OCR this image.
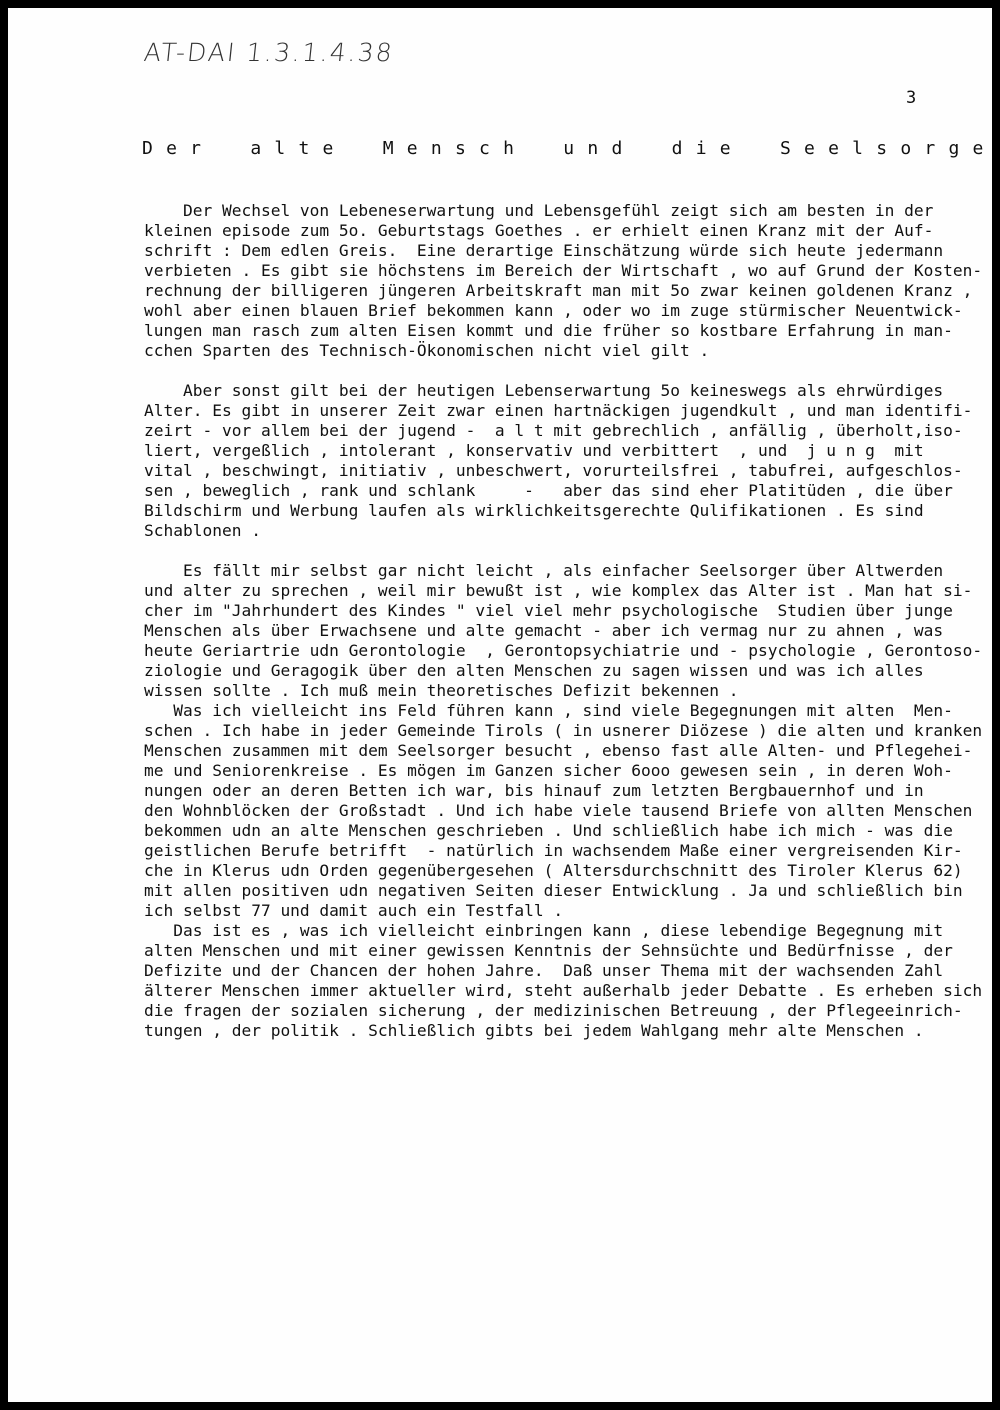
AT-DAI 1.3.1.4.38
3
D e r    a l t e    M e n s c h    u n d    d i e    S e e l s o r g e
Der Wechsel von Lebeneserwartung und Lebensgefühl zeigt sich am besten in der
kleinen episode zum 5o. Geburtstags Goethes . er erhielt einen Kranz mit der Auf-
schrift : Dem edlen Greis.  Eine derartige Einschätzung würde sich heute jedermann
verbieten . Es gibt sie höchstens im Bereich der Wirtschaft , wo auf Grund der Kosten-
rechnung der billigeren jüngeren Arbeitskraft man mit 5o zwar keinen goldenen Kranz ,
wohl aber einen blauen Brief bekommen kann , oder wo im zuge stürmischer Neuentwick-
lungen man rasch zum alten Eisen kommt und die früher so kostbare Erfahrung in man-
cchen Sparten des Technisch-Ökonomischen nicht viel gilt .
Aber sonst gilt bei der heutigen Lebenserwartung 5o keineswegs als ehrwürdiges
Alter. Es gibt in unserer Zeit zwar einen hartnäckigen jugendkult , und man identifi-
zeirt - vor allem bei der jugend -  a l t mit gebrechlich , anfällig , überholt,iso-
liert, vergeßlich , intolerant , konservativ und verbittert  , und  j u n g  mit
vital , beschwingt, initiativ , unbeschwert, vorurteilsfrei , tabufrei, aufgeschlos-
sen , beweglich , rank und schlank     -   aber das sind eher Platitüden , die über
Bildschirm und Werbung laufen als wirklichkeitsgerechte Qulifikationen . Es sind
Schablonen .
Es fällt mir selbst gar nicht leicht , als einfacher Seelsorger über Altwerden
und alter zu sprechen , weil mir bewußt ist , wie komplex das Alter ist . Man hat si-
cher im "Jahrhundert des Kindes " viel viel mehr psychologische  Studien über junge
Menschen als über Erwachsene und alte gemacht - aber ich vermag nur zu ahnen , was
heute Geriartrie udn Gerontologie  , Gerontopsychiatrie und - psychologie , Gerontoso-
ziologie und Geragogik über den alten Menschen zu sagen wissen und was ich alles
wissen sollte . Ich muß mein theoretisches Defizit bekennen .
Was ich vielleicht ins Feld führen kann , sind viele Begegnungen mit alten  Men-
schen . Ich habe in jeder Gemeinde Tirols ( in usnerer Diözese ) die alten und kranken
Menschen zusammen mit dem Seelsorger besucht , ebenso fast alle Alten- und Pflegehei-
me und Seniorenkreise . Es mögen im Ganzen sicher 6ooo gewesen sein , in deren Woh-
nungen oder an deren Betten ich war, bis hinauf zum letzten Bergbauernhof und in
den Wohnblöcken der Großstadt . Und ich habe viele tausend Briefe von allten Menschen
bekommen udn an alte Menschen geschrieben . Und schließlich habe ich mich - was die
geistlichen Berufe betrifft  - natürlich in wachsendem Maße einer vergreisenden Kir-
che in Klerus udn Orden gegenübergesehen ( Altersdurchschnitt des Tiroler Klerus 62)
mit allen positiven udn negativen Seiten dieser Entwicklung . Ja und schließlich bin
ich selbst 77 und damit auch ein Testfall .
Das ist es , was ich vielleicht einbringen kann , diese lebendige Begegnung mit
alten Menschen und mit einer gewissen Kenntnis der Sehnsüchte und Bedürfnisse , der
Defizite und der Chancen der hohen Jahre.  Daß unser Thema mit der wachsenden Zahl
älterer Menschen immer aktueller wird, steht außerhalb jeder Debatte . Es erheben sich
die fragen der sozialen sicherung , der medizinischen Betreuung , der Pflegeeinrich-
tungen , der politik . Schließlich gibts bei jedem Wahlgang mehr alte Menschen .
